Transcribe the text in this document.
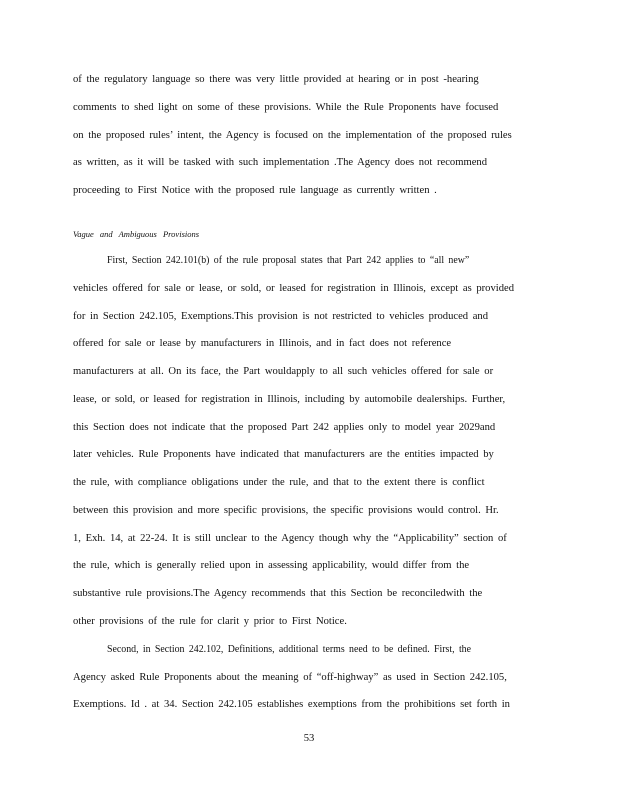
of the regulatory language so there was very little provided at hearing or in post -hearing
comments to shed light on some of these provisions. While the Rule Proponents have focused
on the proposed rules’ intent, the Agency is focused on the implementation of the proposed rules
as written, as it will be tasked with such implementation .The Agency does not recommend
proceeding to First Notice with the proposed rule language as currently written .
Vague and Ambiguous Provisions
First, Section 242.101(b) of the rule proposal states that Part 242 applies to “all new”
vehicles offered for sale or lease, or sold, or leased for registration in Illinois, except as provided
for in Section 242.105, Exemptions.This provision is not restricted to vehicles produced and
offered for sale or lease by manufacturers in Illinois, and in fact does not reference
manufacturers at all. On its face, the Part wouldapply to all such vehicles offered for sale or
lease, or sold, or leased for registration in Illinois, including by automobile dealerships. Further,
this Section does not indicate that the proposed Part 242 applies only to model year 2029and
later vehicles. Rule Proponents have indicated that manufacturers are the entities impacted by
the rule, with compliance obligations under the rule, and that to the extent there is conflict
between this provision and more specific provisions, the specific provisions would control. Hr.
1, Exh. 14, at 22-24. It is still unclear to the Agency though why the “Applicability” section of
the rule, which is generally relied upon in assessing applicability, would differ from the
substantive rule provisions.The Agency recommends that this Section be reconciledwith the
other provisions of the rule for clarit y prior to First Notice.
Second, in Section 242.102, Definitions, additional terms need to be defined. First, the
Agency asked Rule Proponents about the meaning of “off-highway” as used in Section 242.105,
Exemptions. Id . at 34. Section 242.105 establishes exemptions from the prohibitions set forth in
53
